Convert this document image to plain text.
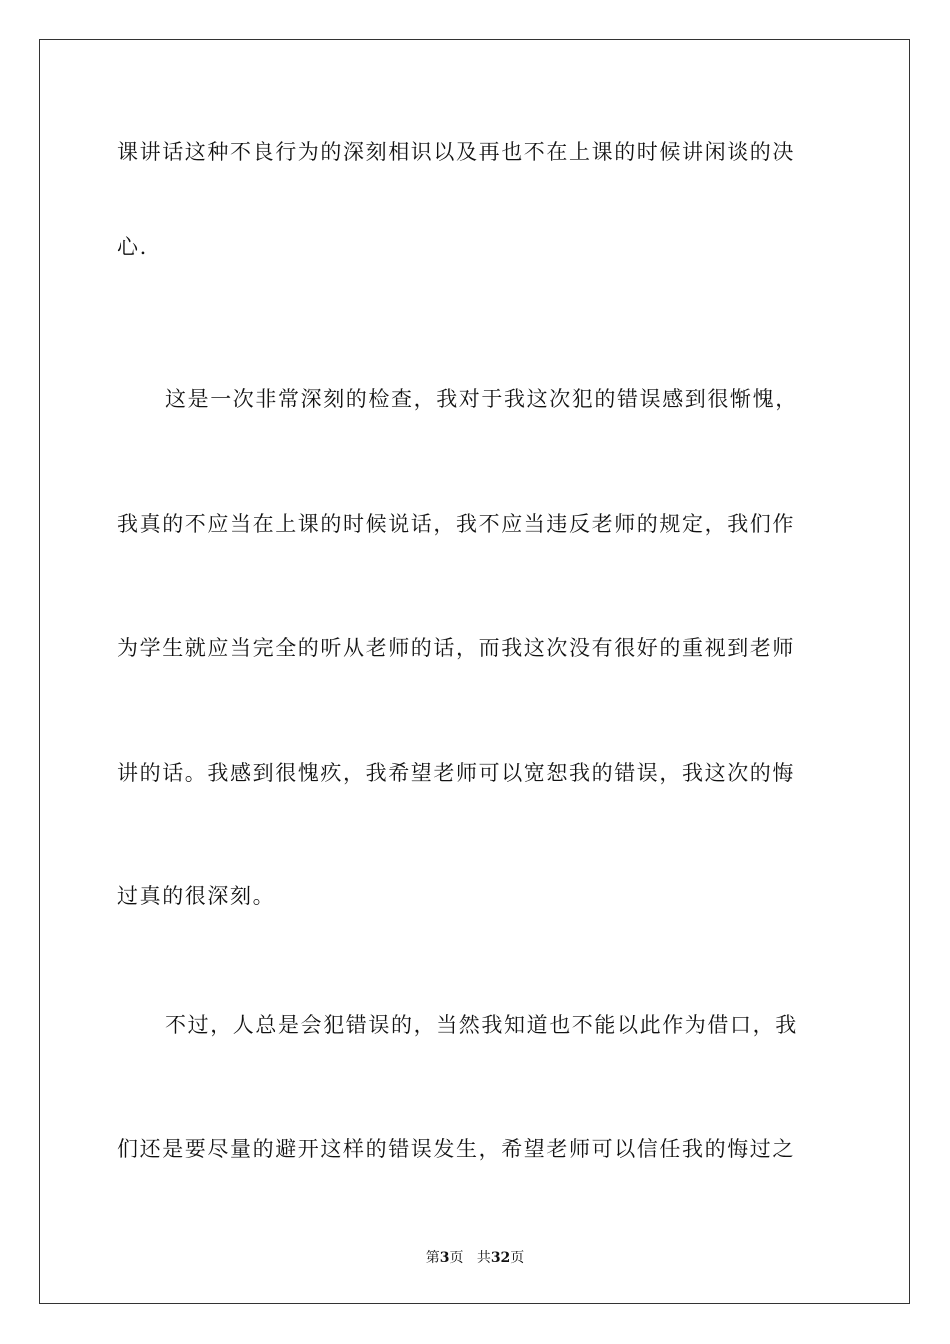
课讲话这种不良行为的深刻相识以及再也不在上课的时候讲闲谈的决
心.
这是一次非常深刻的检查，我对于我这次犯的错误感到很惭愧，
我真的不应当在上课的时候说话，我不应当违反老师的规定，我们作
为学生就应当完全的听从老师的话，而我这次没有很好的重视到老师
讲的话。我感到很愧疚，我希望老师可以宽恕我的错误，我这次的悔
过真的很深刻。
不过，人总是会犯错误的，当然我知道也不能以此作为借口，我
们还是要尽量的避开这样的错误发生，希望老师可以信任我的悔过之
第3页 共32页
